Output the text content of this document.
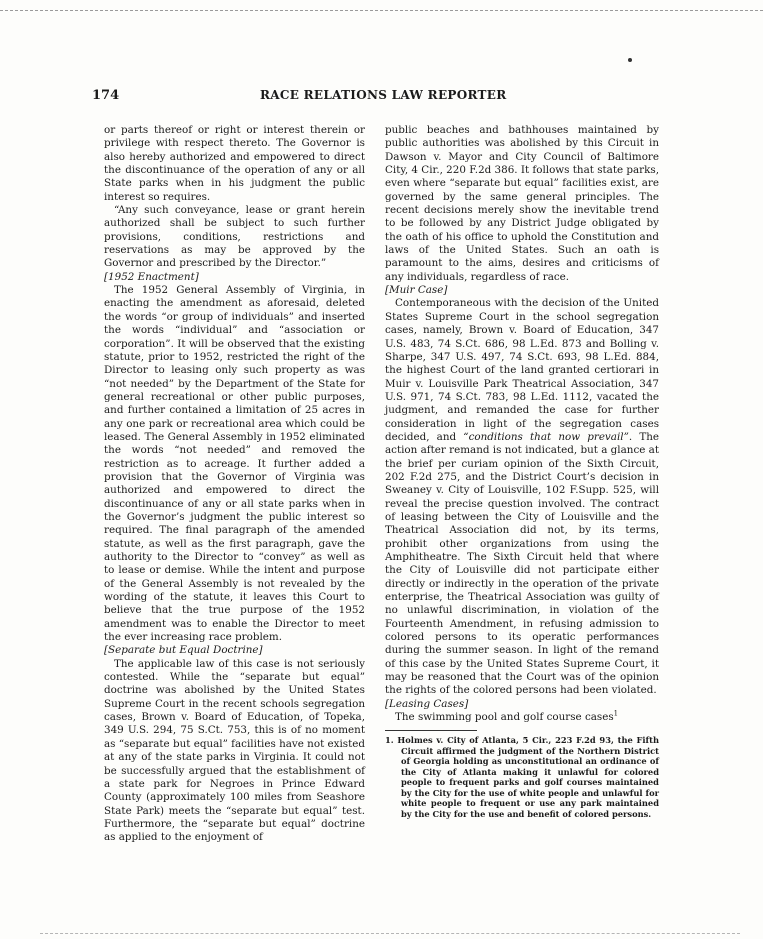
174	RACE RELATIONS LAW REPORTER

or parts thereof or right or interest therein or privilege with respect thereto. The Governor is also hereby authorized and empowered to direct the discontinuance of the operation of any or all State parks when in his judgment the public interest so requires.

“Any such conveyance, lease or grant herein authorized shall be subject to such further provisions, conditions, restrictions and reservations as may be approved by the Governor and prescribed by the Director.”

[1952 Enactment]

The 1952 General Assembly of Virginia, in enacting the amendment as aforesaid, deleted the words “or group of individuals” and inserted the words “individual” and “association or corporation”. It will be observed that the existing statute, prior to 1952, restricted the right of the Director to leasing only such property as was “not needed” by the Department of the State for general recreational or other public purposes, and further contained a limitation of 25 acres in any one park or recreational area which could be leased. The General Assembly in 1952 eliminated the words “not needed” and removed the restriction as to acreage. It further added a provision that the Governor of Virginia was authorized and empowered to direct the discontinuance of any or all state parks when in the Governor’s judgment the public interest so required. The final paragraph of the amended statute, as well as the first paragraph, gave the authority to the Director to “convey” as well as to lease or demise. While the intent and purpose of the General Assembly is not revealed by the wording of the statute, it leaves this Court to believe that the true purpose of the 1952 amendment was to enable the Director to meet the ever increasing race problem.

[Separate but Equal Doctrine]

The applicable law of this case is not seriously contested. While the “separate but equal” doctrine was abolished by the United States Supreme Court in the recent schools segregation cases, Brown v. Board of Education, of Topeka, 349 U.S. 294, 75 S.Ct. 753, this is of no moment as “separate but equal” facilities have not existed at any of the state parks in Virginia. It could not be successfully argued that the establishment of a state park for Negroes in Prince Edward County (approximately 100 miles from Seashore State Park) meets the “separate but equal” test. Furthermore, the “separate but equal” doctrine as applied to the enjoyment of

public beaches and bathhouses maintained by public authorities was abolished by this Circuit in Dawson v. Mayor and City Council of Baltimore City, 4 Cir., 220 F.2d 386. It follows that state parks, even where “separate but equal” facilities exist, are governed by the same general principles. The recent decisions merely show the inevitable trend to be followed by any District Judge obligated by the oath of his office to uphold the Constitution and laws of the United States. Such an oath is paramount to the aims, desires and criticisms of any individuals, regardless of race.

[Muir Case]

Contemporaneous with the decision of the United States Supreme Court in the school segregation cases, namely, Brown v. Board of Education, 347 U.S. 483, 74 S.Ct. 686, 98 L.Ed. 873 and Bolling v. Sharpe, 347 U.S. 497, 74 S.Ct. 693, 98 L.Ed. 884, the highest Court of the land granted certiorari in Muir v. Louisville Park Theatrical Association, 347 U.S. 971, 74 S.Ct. 783, 98 L.Ed. 1112, vacated the judgment, and remanded the case for further consideration in light of the segregation cases decided, and “conditions that now prevail”. The action after remand is not indicated, but a glance at the brief per curiam opinion of the Sixth Circuit, 202 F.2d 275, and the District Court’s decision in Sweaney v. City of Louisville, 102 F.Supp. 525, will reveal the precise question involved. The contract of leasing between the City of Louisville and the Theatrical Association did not, by its terms, prohibit other organizations from using the Amphitheatre. The Sixth Circuit held that where the City of Louisville did not participate either directly or indirectly in the operation of the private enterprise, the Theatrical Association was guilty of no unlawful discrimination, in violation of the Fourteenth Amendment, in refusing admission to colored persons to its operatic performances during the summer season. In light of the remand of this case by the United States Supreme Court, it may be reasoned that the Court was of the opinion the rights of the colored persons had been violated.

[Leasing Cases]

The swimming pool and golf course cases$^1$

1. Holmes v. City of Atlanta, 5 Cir., 223 F.2d 93, the Fifth Circuit affirmed the judgment of the Northern District of Georgia holding as unconstitutional an ordinance of the City of Atlanta making it unlawful for colored people to frequent parks and golf courses maintained by the City for the use of white people and unlawful for white people to frequent or use any park maintained by the City for the use and benefit of colored persons.
